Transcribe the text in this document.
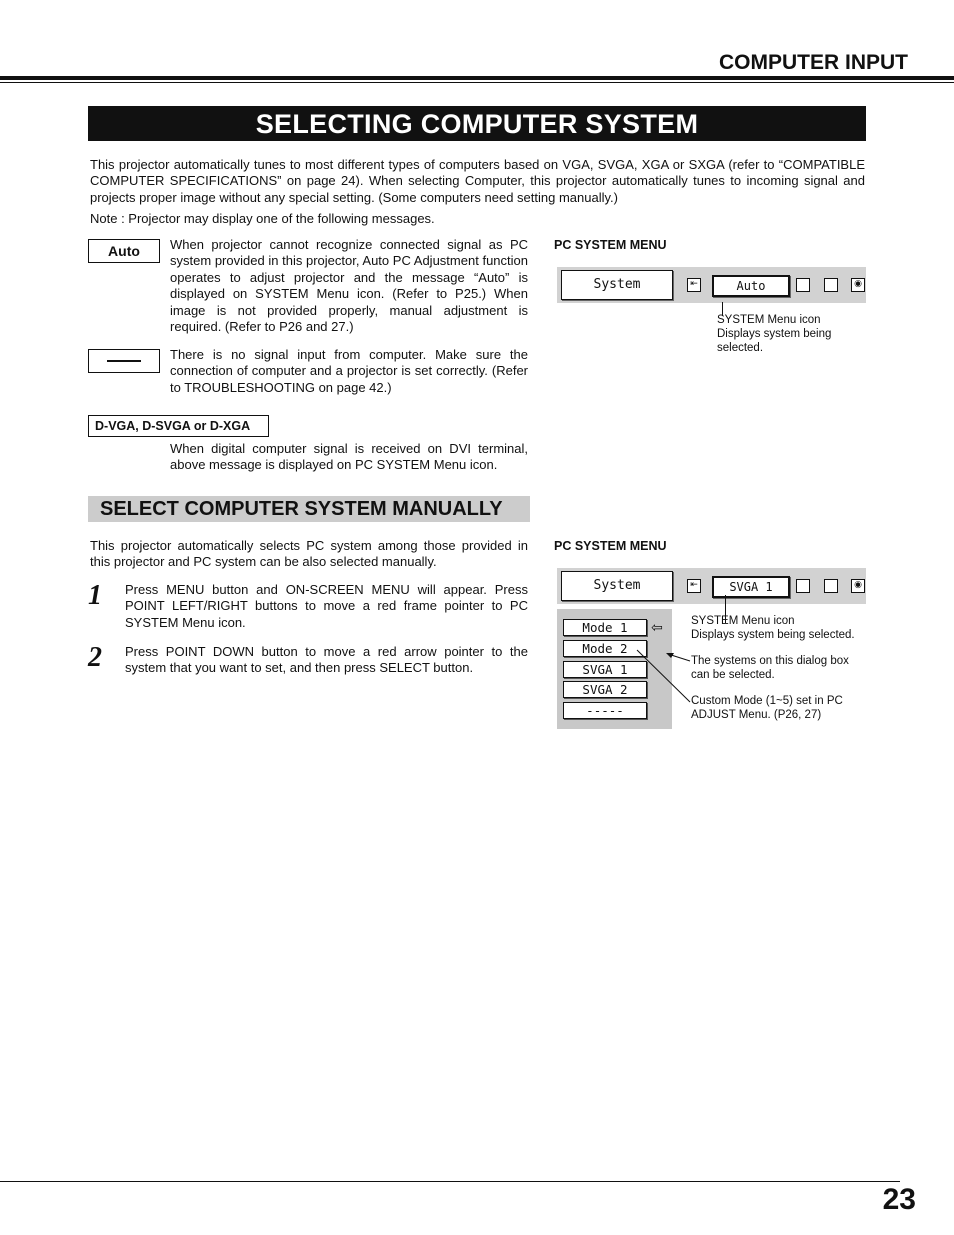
COMPUTER INPUT
SELECTING COMPUTER SYSTEM
This projector automatically tunes to most different types of computers based on VGA, SVGA, XGA or SXGA (refer to “COMPATIBLE COMPUTER SPECIFICATIONS” on page 24). When selecting Computer, this projector automatically tunes to incoming signal and projects proper image without any special setting. (Some computers need setting manually.)
Note : Projector may display one of the following messages.
Auto	When projector cannot recognize connected signal as PC system provided in this projector, Auto PC Adjustment function operates to adjust projector and the message “Auto” is displayed on SYSTEM Menu icon. (Refer to P25.) When image is not provided properly, manual adjustment is required. (Refer to P26 and 27.)
There is no signal input from computer. Make sure the connection of computer and a projector is set correctly. (Refer to TROUBLESHOOTING on page 42.)
D-VGA, D-SVGA or D-XGA
When digital computer signal is received on DVI terminal, above message is displayed on PC SYSTEM Menu icon.
PC SYSTEM MENU
System	⇤	Auto	◉
SYSTEM Menu icon
Displays system being selected.
SELECT COMPUTER SYSTEM MANUALLY
This projector automatically selects PC system among those provided in this projector and PC system can be also selected manually.
1 Press MENU button and ON-SCREEN MENU will appear. Press POINT LEFT/RIGHT buttons to move a red frame pointer to PC SYSTEM Menu icon.
2 Press POINT DOWN button to move a red arrow pointer to the system that you want to set, and then press SELECT button.
PC SYSTEM MENU
System	⇤	SVGA 1	◉
Mode 1
Mode 2
SVGA 1
SVGA 2
-----
⇦ SYSTEM Menu icon
Displays system being selected.
The systems on this dialog box
can be selected.
Custom Mode (1~5) set in PC
ADJUST Menu. (P26, 27)
23
